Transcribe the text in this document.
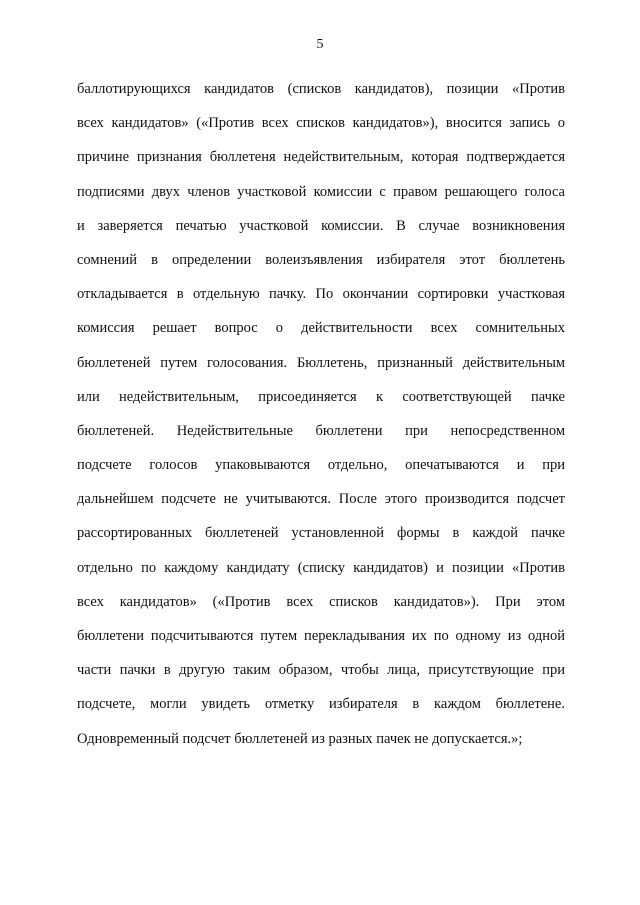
5
баллотирующихся кандидатов (списков кандидатов), позиции «Против
всех кандидатов» («Против всех списков кандидатов»), вносится запись о
причине признания бюллетеня недействительным, которая подтверждается
подписями двух членов участковой комиссии с правом решающего голоса
и заверяется печатью участковой комиссии. В случае возникновения
сомнений в определении волеизъявления избирателя этот бюллетень
откладывается в отдельную пачку. По окончании сортировки участковая
комиссия решает вопрос о действительности всех сомнительных
бюллетеней путем голосования. Бюллетень, признанный действительным
или недействительным, присоединяется к соответствующей пачке
бюллетеней. Недействительные бюллетени при непосредственном
подсчете голосов упаковываются отдельно, опечатываются и при
дальнейшем подсчете не учитываются. После этого производится подсчет
рассортированных бюллетеней установленной формы в каждой пачке
отдельно по каждому кандидату (списку кандидатов) и позиции «Против
всех кандидатов» («Против всех списков кандидатов»). При этом
бюллетени подсчитываются путем перекладывания их по одному из одной
части пачки в другую таким образом, чтобы лица, присутствующие при
подсчете, могли увидеть отметку избирателя в каждом бюллетене.
Одновременный подсчет бюллетеней из разных пачек не допускается.»;
